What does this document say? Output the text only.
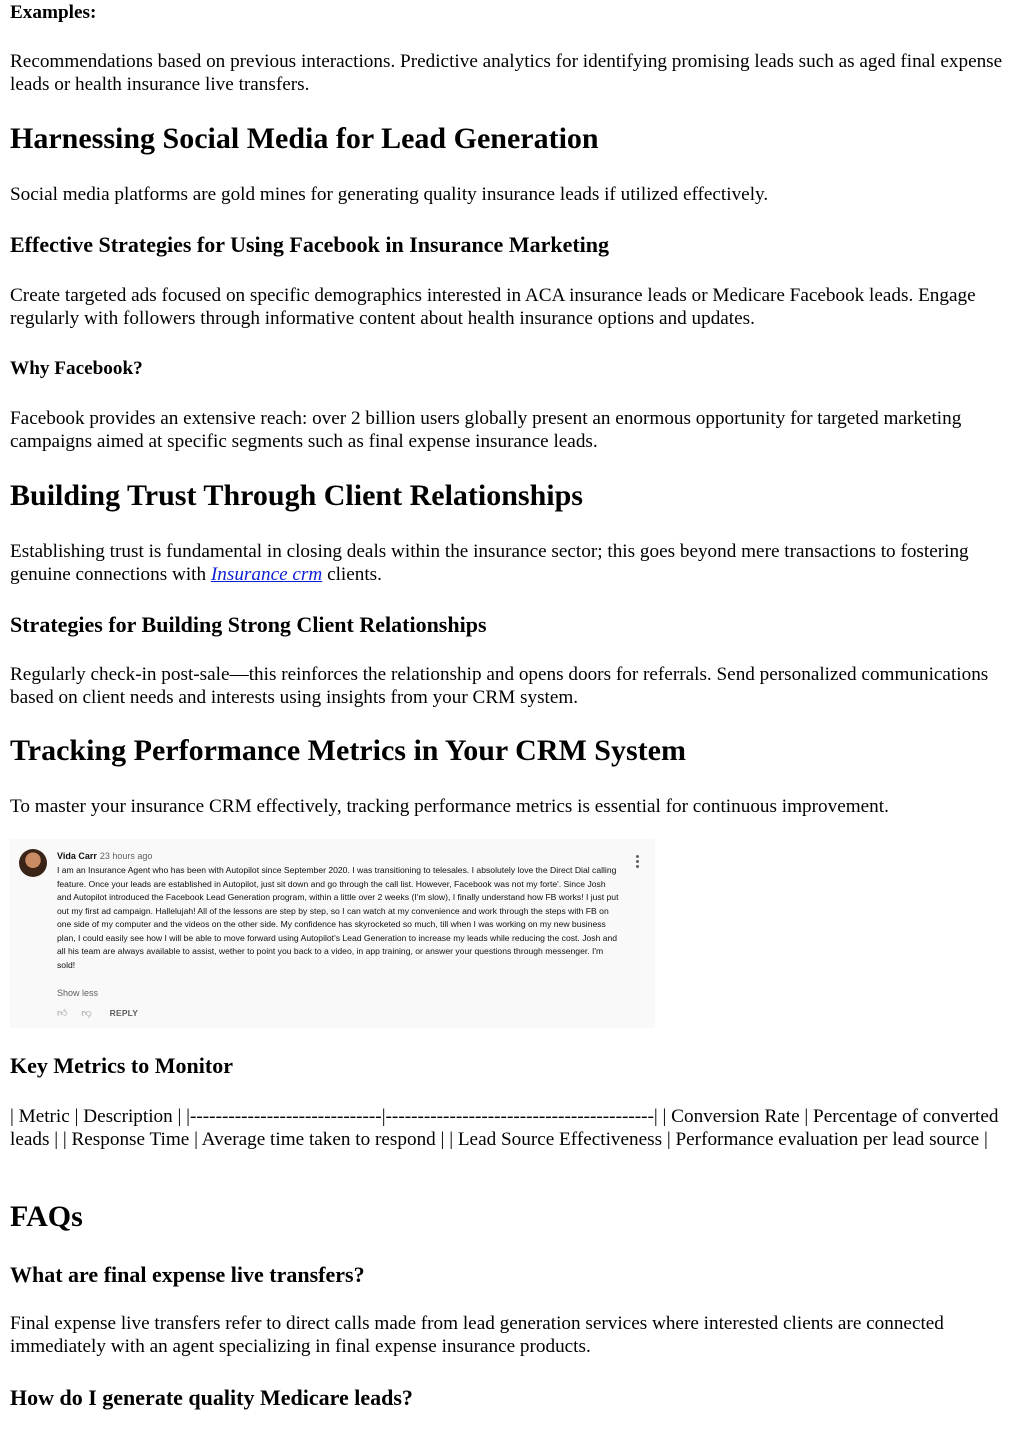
Examples:

Recommendations based on previous interactions. Predictive analytics for identifying promising leads such as aged final expense leads or health insurance live transfers.

Harnessing Social Media for Lead Generation

Social media platforms are gold mines for generating quality insurance leads if utilized effectively.

Effective Strategies for Using Facebook in Insurance Marketing

Create targeted ads focused on specific demographics interested in ACA insurance leads or Medicare Facebook leads. Engage regularly with followers through informative content about health insurance options and updates.

Why Facebook?

Facebook provides an extensive reach: over 2 billion users globally present an enormous opportunity for targeted marketing campaigns aimed at specific segments such as final expense insurance leads.

Building Trust Through Client Relationships

Establishing trust is fundamental in closing deals within the insurance sector; this goes beyond mere transactions to fostering genuine connections with Insurance crm clients.

Strategies for Building Strong Client Relationships

Regularly check-in post-sale—this reinforces the relationship and opens doors for referrals. Send personalized communications based on client needs and interests using insights from your CRM system.

Tracking Performance Metrics in Your CRM System

To master your insurance CRM effectively, tracking performance metrics is essential for continuous improvement.

Vida Carr 23 hours ago
I am an Insurance Agent who has been with Autopilot since September 2020. I was transitioning to telesales. I absolutely love the Direct Dial calling feature. Once your leads are established in Autopilot, just sit down and go through the call list. However, Facebook was not my forte'. Since Josh and Autopilot introduced the Facebook Lead Generation program, within a little over 2 weeks (I'm slow), I finally understand how FB works! I just put out my first ad campaign. Hallelujah! All of the lessons are step by step, so I can watch at my convenience and work through the steps with FB on one side of my computer and the videos on the other side. My confidence has skyrocketed so much, till when I was working on my new business plan, I could easily see how I will be able to move forward using Autopilot's Lead Generation to increase my leads while reducing the cost. Josh and all his team are always available to assist, wether to point you back to a video, in app training, or answer your questions through messenger. I'm sold!
Show less
👍︎ 👎︎ REPLY
Key Metrics to Monitor

| Metric | Description | |------------------------------|------------------------------------------| | Conversion Rate | Percentage of converted leads | | Response Time | Average time taken to respond | | Lead Source Effectiveness | Performance evaluation per lead source |

FAQs
What are final expense live transfers?

Final expense live transfers refer to direct calls made from lead generation services where interested clients are connected immediately with an agent specializing in final expense insurance products.

How do I generate quality Medicare leads?
